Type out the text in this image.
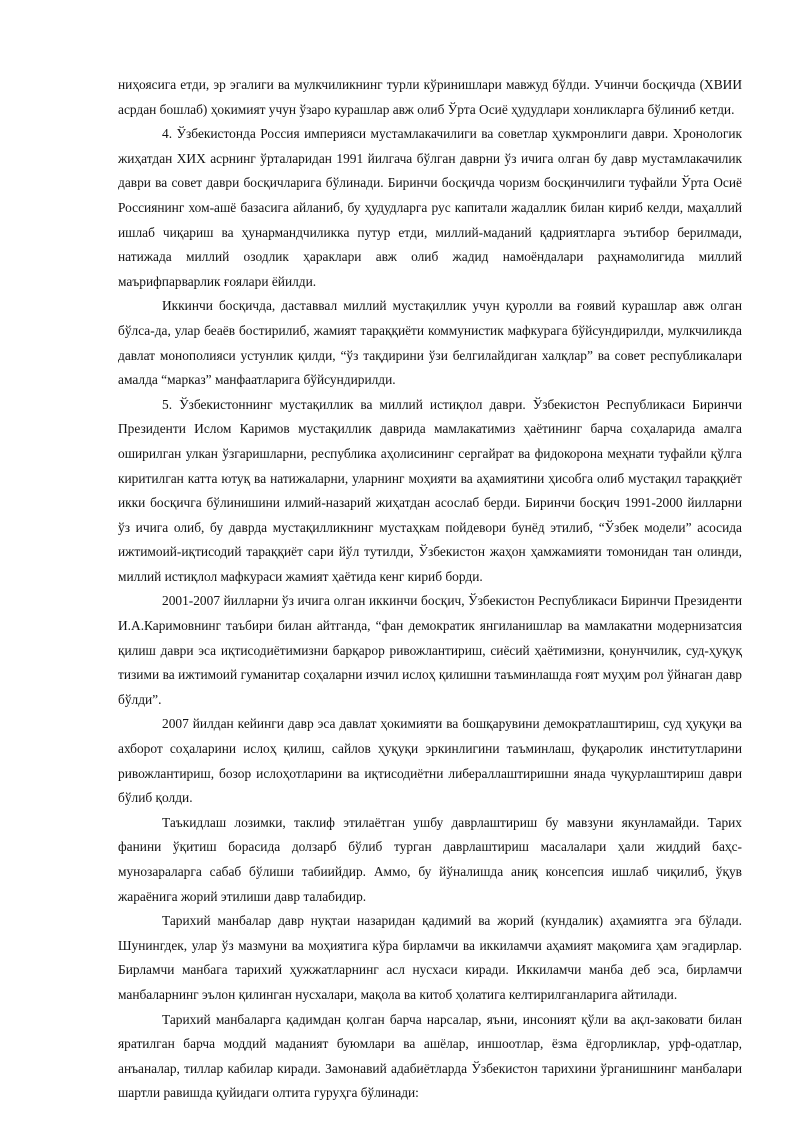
ниҳоясига етди, эр эгалиги ва мулкчиликнинг турли кўринишлари мавжуд бўлди. Учинчи босқичда (ХВИИ асрдан бошлаб) ҳокимият учун ўзаро курашлар авж олиб Ўрта Осиё ҳудудлари хонликларга бўлиниб кетди.

4. Ўзбекистонда Россия империяси мустамлакачилиги ва советлар ҳукмронлиги даври. Хронологик жиҳатдан ХИХ асрнинг ўрталаридан 1991 йилгача бўлган даврни ўз ичига олган бу давр мустамлакачилик даври ва совет даври босқичларига бўлинади. Биринчи босқичда чоризм босқинчилиги туфайли Ўрта Осиё Россиянинг хом-ашё базасига айланиб, бу ҳудудларга рус капитали жадаллик билан кириб келди, маҳаллий ишлаб чиқариш ва ҳунармандчиликка путур етди, миллий-маданий қадриятларга эътибор берилмади, натижада миллий озодлик ҳараклари авж олиб жадид намоёндалари раҳнамолигида миллий маърифпарварлик ғоялари ёйилди.

Иккинчи босқичда, даставвал миллий мустақиллик учун қуролли ва ғоявий курашлар авж олган бўлса-да, улар беаёв бостирилиб, жамият тараққиёти коммунистик мафкурага бўйсундирилди, мулкчиликда давлат монополияси устунлик қилди, “ўз тақдирини ўзи белгилайдиган халқлар” ва совет республикалари амалда “марказ” манфаатларига бўйсундирилди.

5. Ўзбекистоннинг мустақиллик ва миллий истиқлол даври. Ўзбекистон Республикаси Биринчи Президенти Ислом Каримов мустақиллик даврида мамлакатимиз ҳаётининг барча соҳаларида амалга оширилган улкан ўзгаришларни, республика аҳолисининг сергайрат ва фидокорона меҳнати туфайли қўлга киритилган катта ютуқ ва натижаларни, уларнинг моҳияти ва аҳамиятини ҳисобга олиб мустақил тараққиёт икки босқичга бўлинишини илмий-назарий жиҳатдан асослаб берди. Биринчи босқич 1991-2000 йилларни ўз ичига олиб, бу даврда мустақилликнинг мустаҳкам пойдевори бунёд этилиб, “Ўзбек модели” асосида ижтимоий-иқтисодий тараққиёт сари йўл тутилди, Ўзбекистон жаҳон ҳамжамияти томонидан тан олинди, миллий истиқлол мафкураси жамият ҳаётида кенг кириб борди.

2001-2007 йилларни ўз ичига олган иккинчи босқич, Ўзбекистон Республикаси Биринчи Президенти И.А.Каримовнинг таъбири билан айтганда, “фан демократик янгиланишлар ва мамлакатни модернизатсия қилиш даври эса иқтисодиётимизни барқарор ривожлантириш, сиёсий ҳаётимизни, қонунчилик, суд-ҳуқуқ тизими ва ижтимоий гуманитар соҳаларни изчил ислоҳ қилишни таъминлашда ғоят муҳим рол ўйнаган давр бўлди”.

2007 йилдан кейинги давр эса давлат ҳокимияти ва бошқарувини демократлаштириш, суд ҳуқуқи ва ахборот соҳаларини ислоҳ қилиш, сайлов ҳуқуқи эркинлигини таъминлаш, фуқаролик институтларини ривожлантириш, бозор ислоҳотларини ва иқтисодиётни либераллаштиришни янада чуқурлаштириш даври бўлиб қолди.

Таъкидлаш лозимки, таклиф этилаётган ушбу даврлаштириш бу мавзуни якунламайди. Тарих фанини ўқитиш борасида долзарб бўлиб турган даврлаштириш масалалари ҳали жиддий баҳс-мунозараларга сабаб бўлиши табиийдир. Аммо, бу йўналишда аниқ консепсия ишлаб чиқилиб, ўқув жараёнига жорий этилиши давр талабидир.

Тарихий манбалар давр нуқтаи назаридан қадимий ва жорий (кундалик) аҳамиятга эга бўлади. Шунингдек, улар ўз мазмуни ва моҳиятига кўра бирламчи ва иккиламчи аҳамият мақомига ҳам эгадирлар. Бирламчи манбага тарихий ҳужжатларнинг асл нусхаси киради. Иккиламчи манба деб эса, бирламчи манбаларнинг эълон қилинган нусхалари, мақола ва китоб ҳолатига келтирилганларига айтилади.

Тарихий манбаларга қадимдан қолган барча нарсалар, яъни, инсоният қўли ва ақл-заковати билан яратилган барча моддий маданият буюмлари ва ашёлар, иншоотлар, ёзма ёдгорликлар, урф-одатлар, анъаналар, тиллар кабилар киради. Замонавий адабиётларда Ўзбекистон тарихини ўрганишнинг манбалари шартли равишда қуйидаги олтита гуруҳга бўлинади:
